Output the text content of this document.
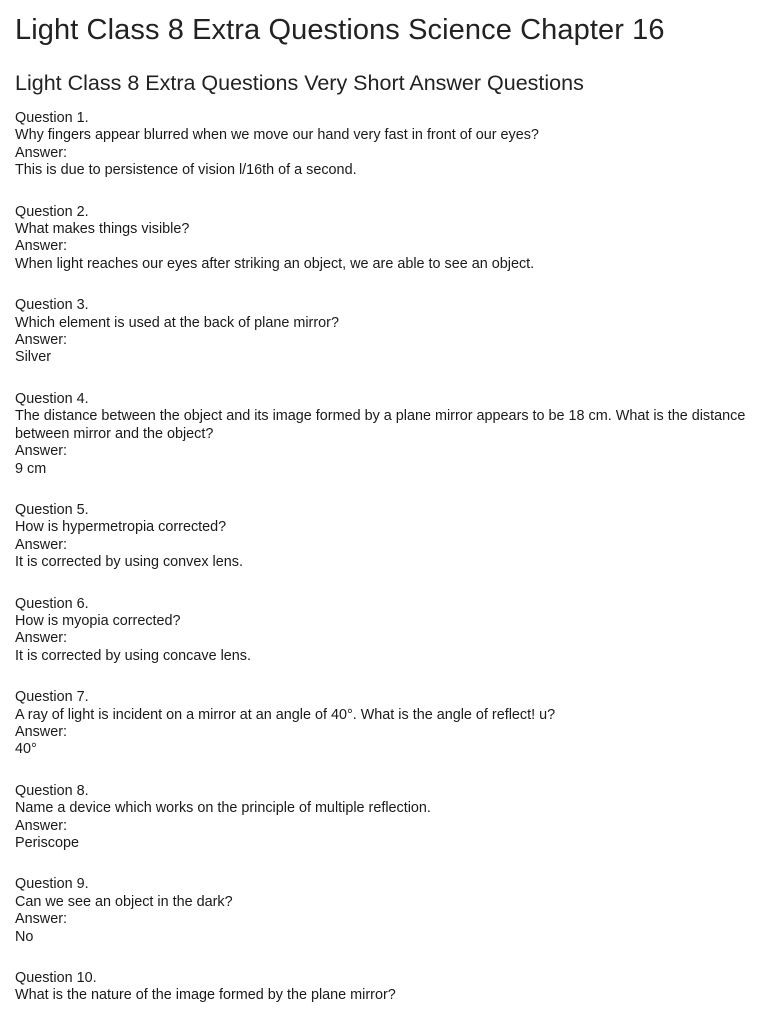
Light Class 8 Extra Questions Science Chapter 16
Light Class 8 Extra Questions Very Short Answer Questions
Question 1.
Why fingers appear blurred when we move our hand very fast in front of our eyes?
Answer:
This is due to persistence of vision l/16th of a second.
Question 2.
What makes things visible?
Answer:
When light reaches our eyes after striking an object, we are able to see an object.
Question 3.
Which element is used at the back of plane mirror?
Answer:
Silver
Question 4.
The distance between the object and its image formed by a plane mirror appears to be 18 cm. What is the distance between mirror and the object?
Answer:
9 cm
Question 5.
How is hypermetropia corrected?
Answer:
It is corrected by using convex lens.
Question 6.
How is myopia corrected?
Answer:
It is corrected by using concave lens.
Question 7.
A ray of light is incident on a mirror at an angle of 40°. What is the angle of reflect! u?
Answer:
40°
Question 8.
Name a device which works on the principle of multiple reflection.
Answer:
Periscope
Question 9.
Can we see an object in the dark?
Answer:
No
Question 10.
What is the nature of the image formed by the plane mirror?
